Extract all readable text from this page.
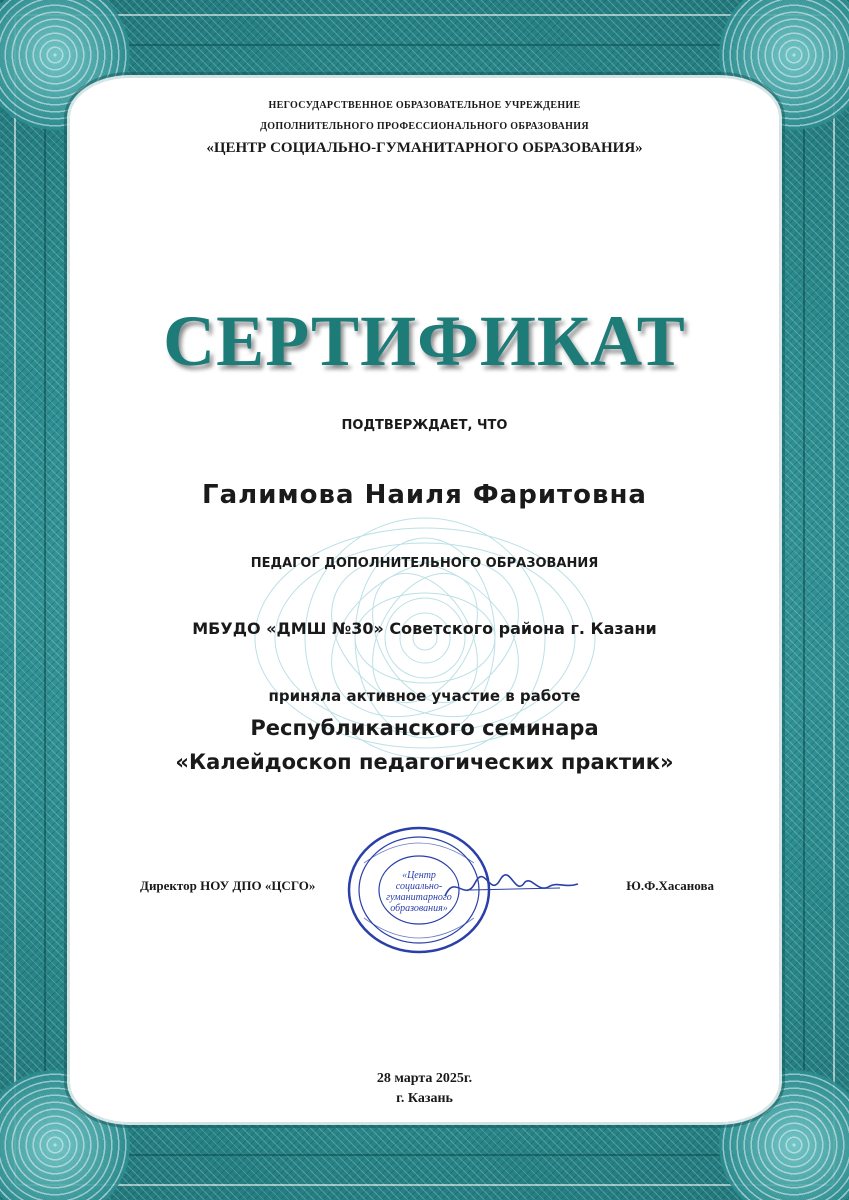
НЕГОСУДАРСТВЕННОЕ ОБРАЗОВАТЕЛЬНОЕ УЧРЕЖДЕНИЕ
ДОПОЛНИТЕЛЬНОГО ПРОФЕССИОНАЛЬНОГО ОБРАЗОВАНИЯ
«ЦЕНТР СОЦИАЛЬНО-ГУМАНИТАРНОГО ОБРАЗОВАНИЯ»
СЕРТИФИКАТ
ПОДТВЕРЖДАЕТ, ЧТО
Галимова Наиля Фаритовна
ПЕДАГОГ ДОПОЛНИТЕЛЬНОГО ОБРАЗОВАНИЯ
МБУДО «ДМШ №30» Советского района г. Казани
приняла активное участие в работе
Республиканского семинара
«Калейдоскоп педагогических практик»
Директор НОУ ДПО «ЦСГО»	Ю.Ф.Хасанова
«Центр
социально-
гуманитарного
образования»
28 марта 2025г.
г. Казань
